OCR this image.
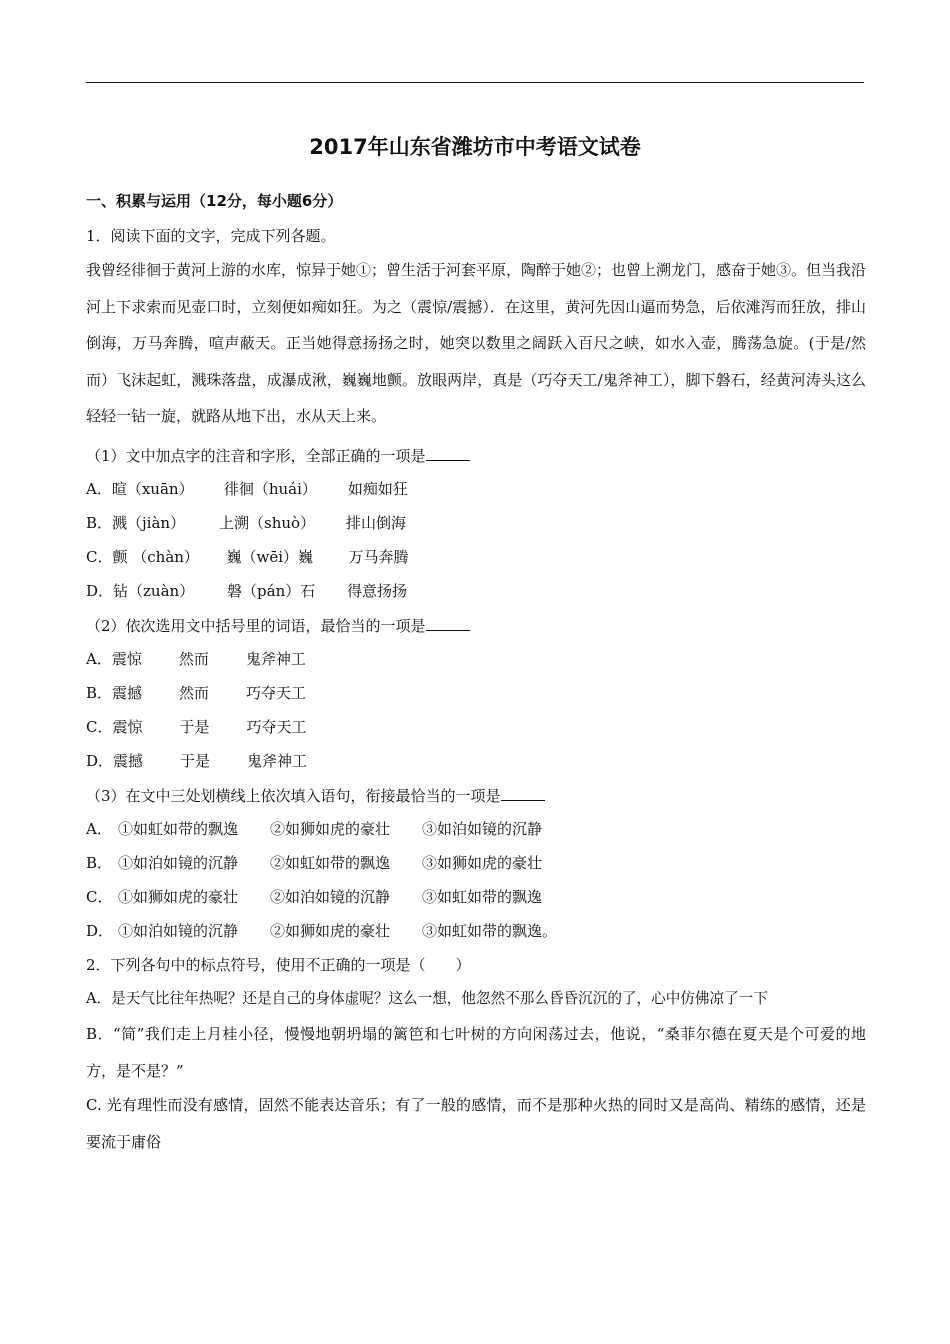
2017年山东省潍坊市中考语文试卷
一、积累与运用（12分，每小题6分）
1．阅读下面的文字，完成下列各题。
我曾经徘徊于黄河上游的水库，惊异于她①；曾生活于河套平原，陶醉于她②；也曾上溯龙门，感奋于她③。但当我沿河上下求索而见壶口时，立刻便如痴如狂。为之（震惊/震撼）．在这里，黄河先因山逼而势急，后依滩泻而狂放，排山倒海，万马奔腾，喧声蔽天。正当她得意扬扬之时，她突以数里之阔跃入百尺之峡，如水入壶，腾荡急旋。(于是/然而）飞沫起虹，溅珠落盘，成瀑成湫，巍巍地颤。放眼两岸，真是（巧夺天工/鬼斧神工），脚下磐石，经黄河涛头这么轻轻一钻一旋，就路从地下出，水从天上来。
（1）文中加点字的注音和字形，全部正确的一项是
A．暄（xuān） 徘徊（huái） 如痴如狂
B．溅（jiàn） 上溯（shuò） 排山倒海
C．颤 （chàn） 巍（wēi）巍 万马奔腾
D．钻（zuàn） 磐（pán）石 得意扬扬
（2）依次选用文中括号里的词语，最恰当的一项是
A．震惊 然而 鬼斧神工
B．震撼 然而 巧夺天工
C．震惊 于是 巧夺天工
D．震撼 于是 鬼斧神工
（3）在文中三处划横线上依次填入语句，衔接最恰当的一项是
A． ①如虹如带的飘逸 ②如狮如虎的豪壮 ③如泊如镜的沉静
B． ①如泊如镜的沉静 ②如虹如带的飘逸 ③如狮如虎的豪壮
C． ①如狮如虎的豪壮 ②如泊如镜的沉静 ③如虹如带的飘逸
D． ①如泊如镜的沉静 ②如狮如虎的豪壮 ③如虹如带的飘逸。
2．下列各句中的标点符号，使用不正确的一项是（　　）
A．是天气比往年热呢？还是自己的身体虚呢？这么一想，他忽然不那么昏昏沉沉的了，心中仿佛凉了一下
B．“简”我们走上月桂小径，慢慢地朝坍塌的篱笆和七叶树的方向闲荡过去，他说，“桑菲尔德在夏天是个可爱的地方，是不是？”
C. 光有理性而没有感情，固然不能表达音乐；有了一般的感情，而不是那种火热的同时又是高尚、精练的感情，还是要流于庸俗
